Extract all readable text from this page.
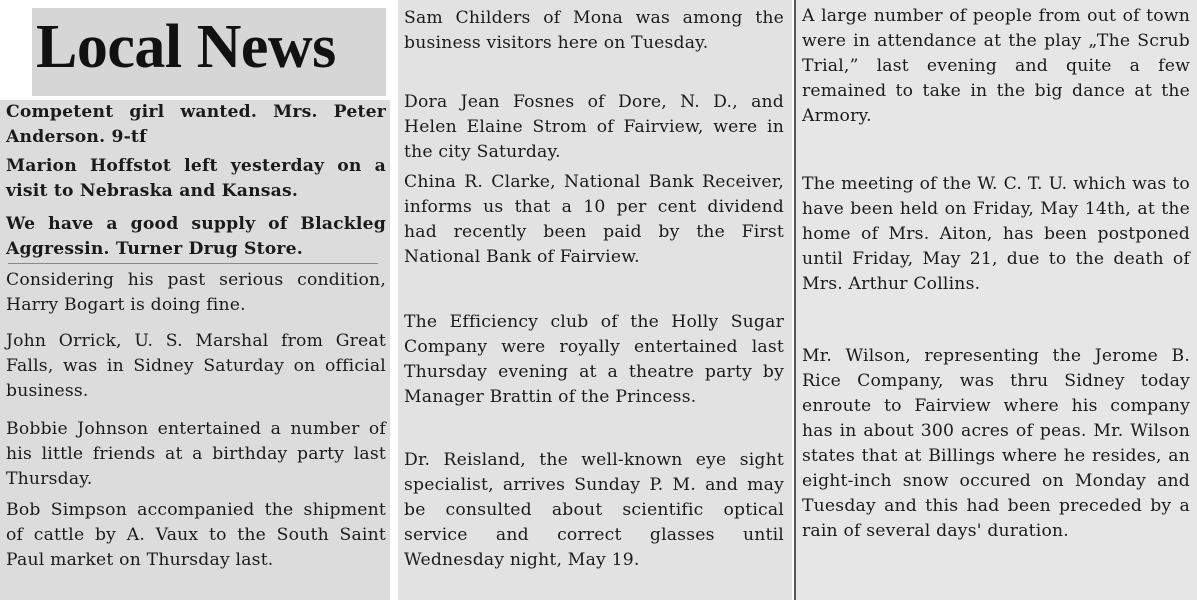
Local News

Competent girl wanted. Mrs. Peter Anderson. 9-tf

Marion Hoffstot left yesterday on a visit to Nebraska and Kansas.

We have a good supply of Blackleg Aggressin. Turner Drug Store.

Considering his past serious condition, Harry Bogart is doing fine.

John Orrick, U. S. Marshal from Great Falls, was in Sidney Saturday on official business.

Bobbie Johnson entertained a number of his little friends at a birthday party last Thursday.

Bob Simpson accompanied the shipment of cattle by A. Vaux to the South Saint Paul market on Thursday last.

Sam Childers of Mona was among the business visitors here on Tuesday.

Dora Jean Fosnes of Dore, N. D., and Helen Elaine Strom of Fairview, were in the city Saturday.

China R. Clarke, National Bank Receiver, informs us that a 10 per cent dividend had recently been paid by the First National Bank of Fairview.

The Efficiency club of the Holly Sugar Company were royally entertained last Thursday evening at a theatre party by Manager Brattin of the Princess.

Dr. Reisland, the well-known eye sight specialist, arrives Sunday P. M. and may be consulted about scientific optical service and correct glasses until Wednesday night, May 19.

A large number of people from out of town were in attendance at the play „The Scrub Trial,” last evening and quite a few remained to take in the big dance at the Armory.

The meeting of the W. C. T. U. which was to have been held on Friday, May 14th, at the home of Mrs. Aiton, has been postponed until Friday, May 21, due to the death of Mrs. Arthur Collins.

Mr. Wilson, representing the Jerome B. Rice Company, was thru Sidney today enroute to Fairview where his company has in about 300 acres of peas. Mr. Wilson states that at Billings where he resides, an eight-inch snow occured on Monday and Tuesday and this had been preceded by a rain of several days' duration.
